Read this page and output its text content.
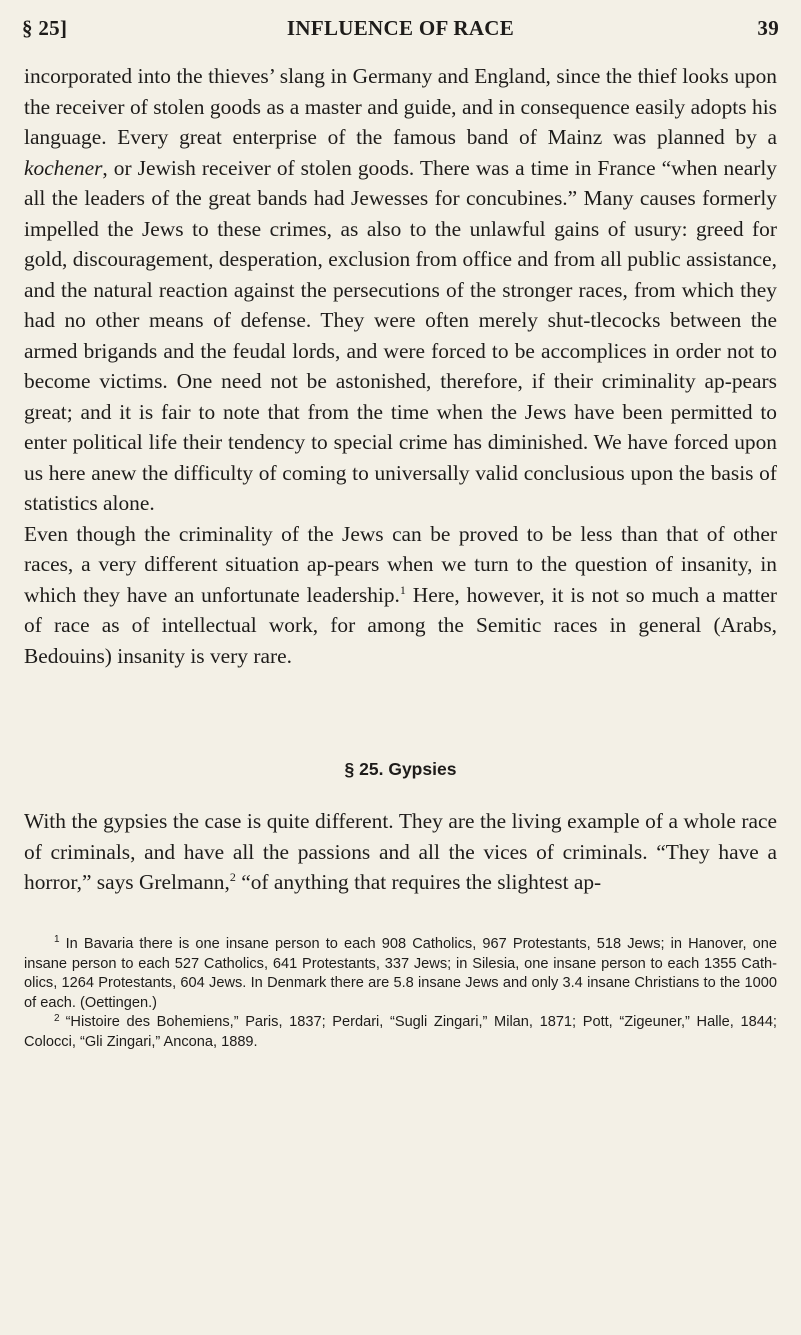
§ 25]	INFLUENCE OF RACE	39

incorporated into the thieves’ slang in Germany and England, since the thief looks upon the receiver of stolen goods as a master and guide, and in consequence easily adopts his language. Every great enterprise of the famous band of Mainz was planned by a kochener, or Jewish receiver of stolen goods. There was a time in France “when nearly all the leaders of the great bands had Jewesses for concubines.” Many causes formerly impelled the Jews to these crimes, as also to the unlawful gains of usury: greed for gold, discouragement, desperation, exclusion from office and from all public assistance, and the natural reaction against the persecutions of the stronger races, from which they had no other means of defense. They were often merely shut-tlecocks between the armed brigands and the feudal lords, and were forced to be accomplices in order not to become victims. One need not be astonished, therefore, if their criminality ap-pears great; and it is fair to note that from the time when the Jews have been permitted to enter political life their tendency to special crime has diminished. We have forced upon us here anew the difficulty of coming to universally valid conclusious upon the basis of statistics alone.

Even though the criminality of the Jews can be proved to be less than that of other races, a very different situation ap-pears when we turn to the question of insanity, in which they have an unfortunate leadership.$^1$ Here, however, it is not so much a matter of race as of intellectual work, for among the Semitic races in general (Arabs, Bedouins) insanity is very rare.

§ 25. Gypsies

With the gypsies the case is quite different. They are the living example of a whole race of criminals, and have all the passions and all the vices of criminals. “They have a horror,” says Grelmann,$^2$ “of anything that requires the slightest ap-

$^1$ In Bavaria there is one insane person to each 908 Catholics, 967 Protestants, 518 Jews; in Hanover, one insane person to each 527 Catholics, 641 Protestants, 337 Jews; in Silesia, one insane person to each 1355 Cath-olics, 1264 Protestants, 604 Jews. In Denmark there are 5.8 insane Jews and only 3.4 insane Christians to the 1000 of each. (Oettingen.)

$^2$ “Histoire des Bohemiens,” Paris, 1837; Perdari, “Sugli Zingari,” Milan, 1871; Pott, “Zigeuner,” Halle, 1844; Colocci, “Gli Zingari,” Ancona, 1889.
